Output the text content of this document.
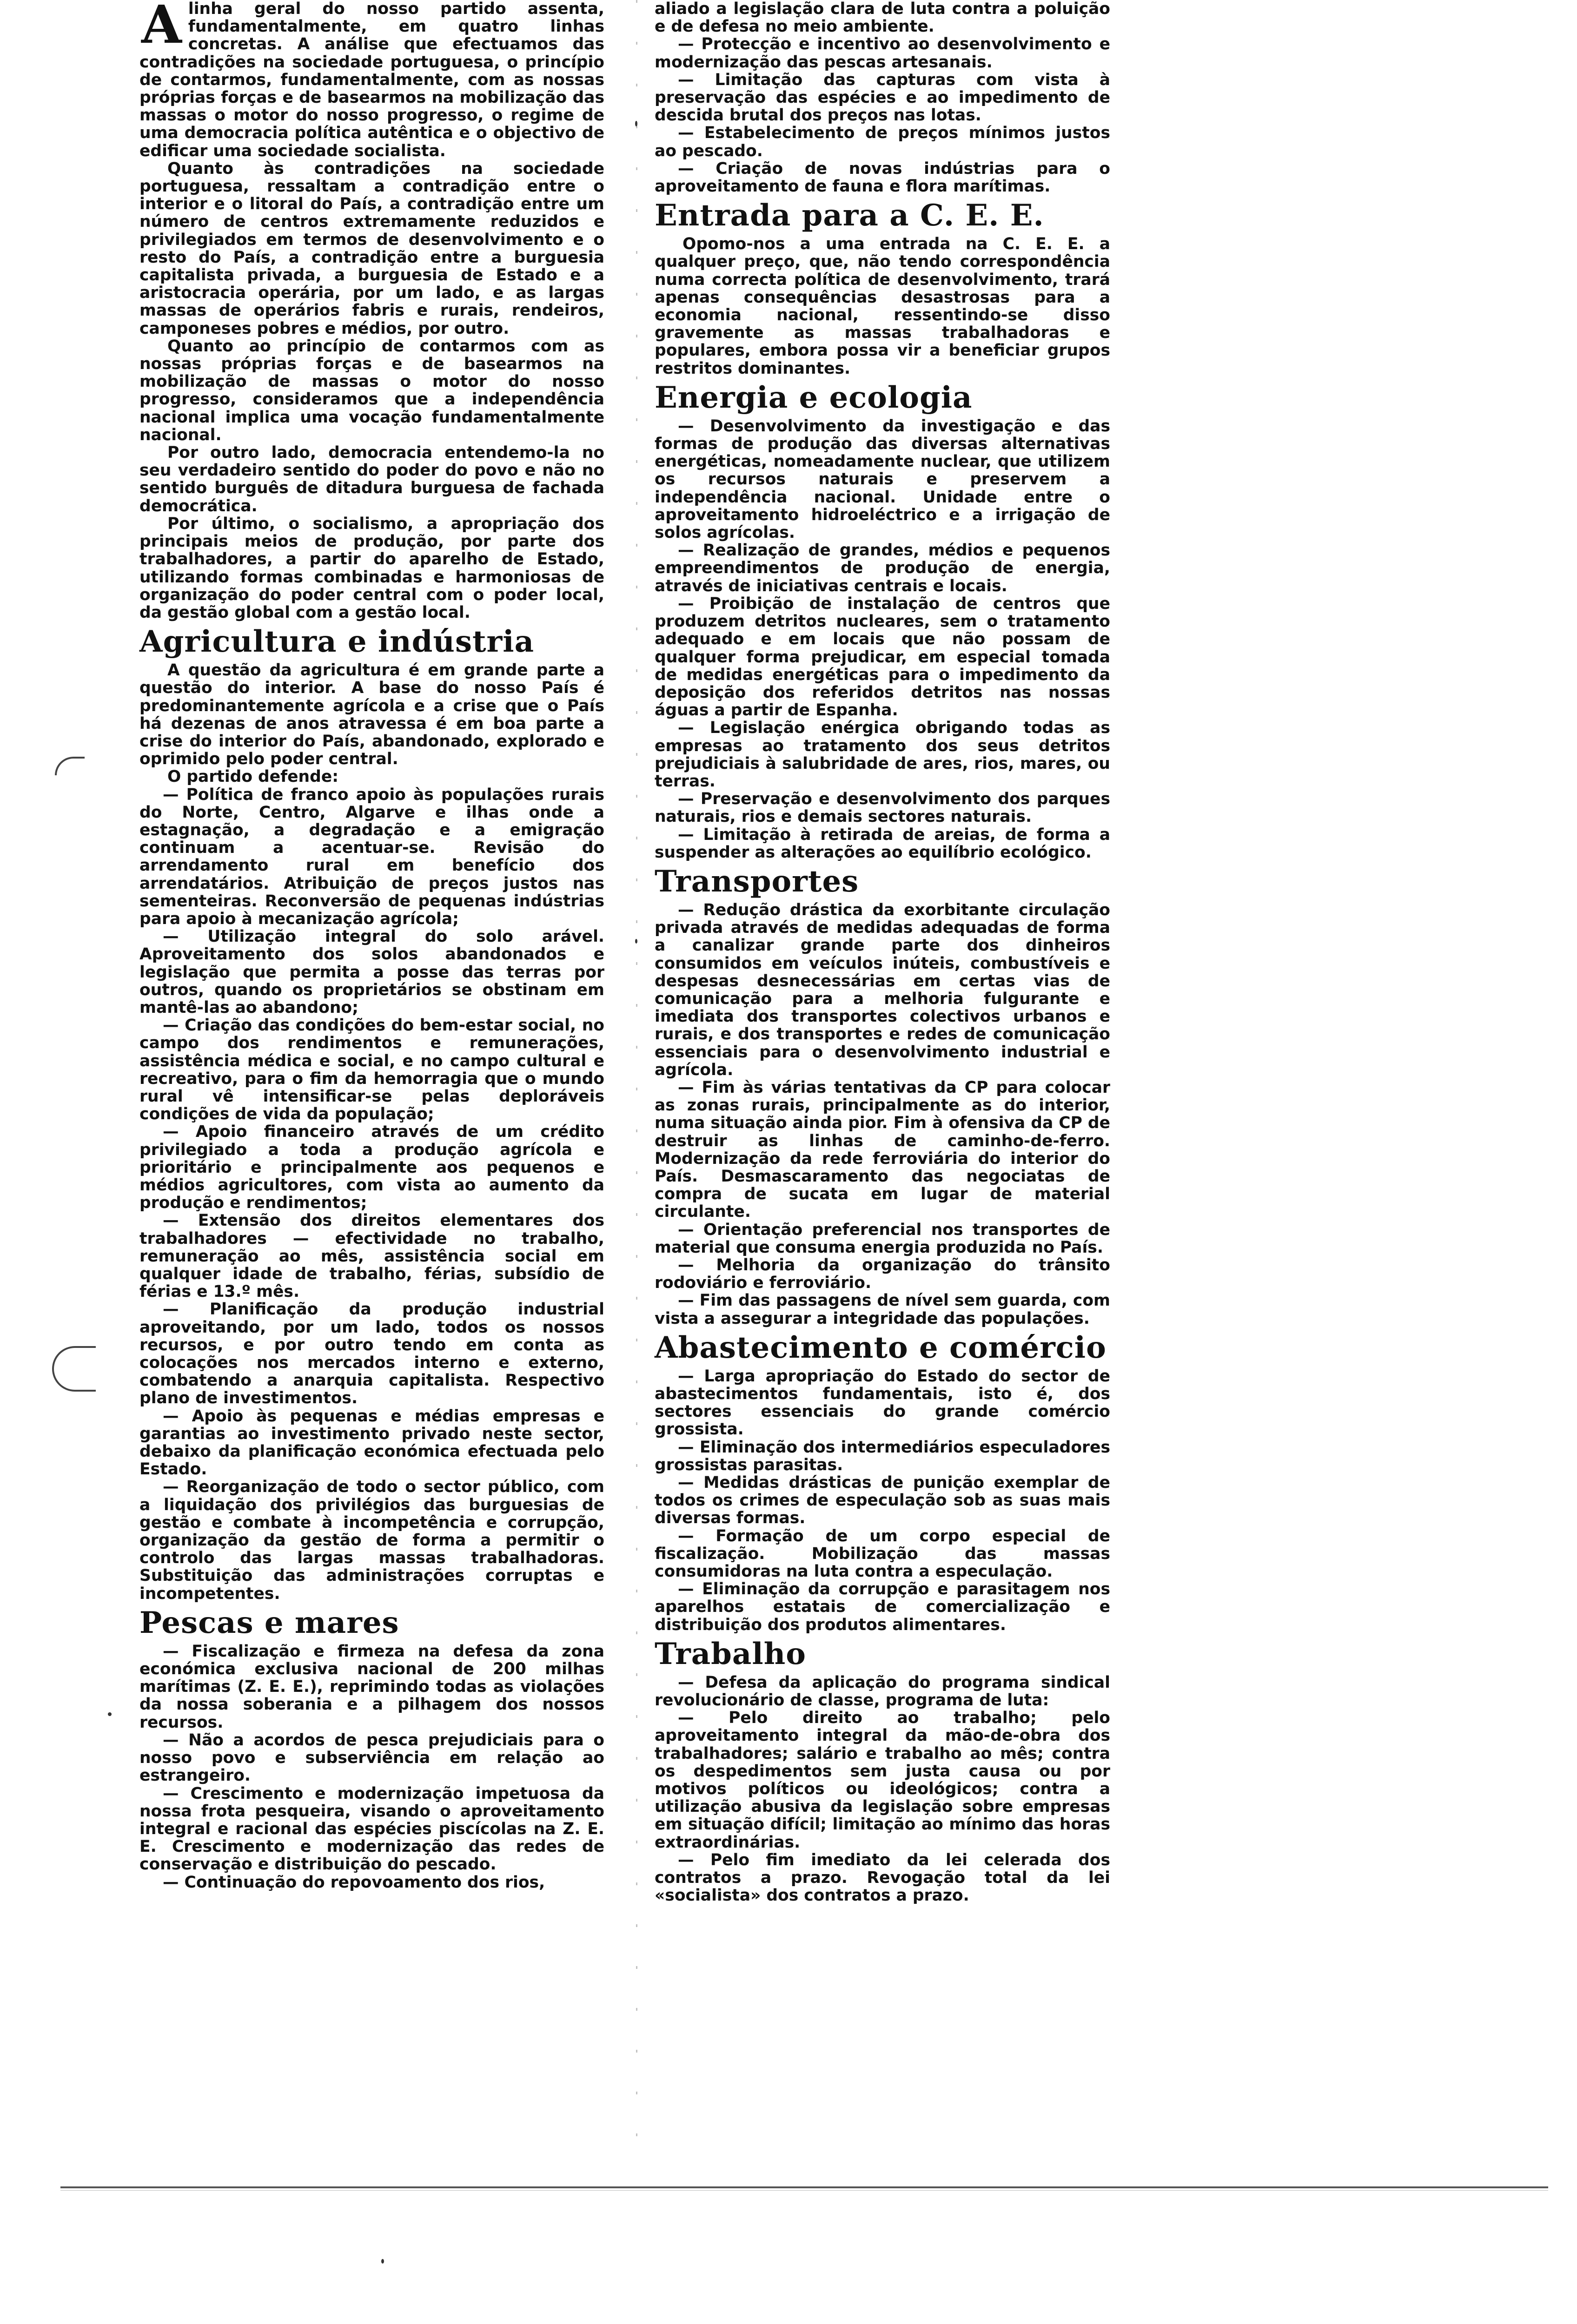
A linha geral do nosso partido assenta, fundamentalmente, em quatro linhas concretas. A análise que efectuamos das contradições na sociedade portuguesa, o princípio de contarmos, fundamentalmente, com as nossas próprias forças e de basearmos na mobilização das massas o motor do nosso progresso, o regime de uma democracia política autêntica e o objectivo de edificar uma sociedade socialista.

Quanto às contradições na sociedade portuguesa, ressaltam a contradição entre o interior e o litoral do País, a contradição entre um número de centros extremamente reduzidos e privilegiados em termos de desenvolvimento e o resto do País, a contradição entre a burguesia capitalista privada, a burguesia de Estado e a aristocracia operária, por um lado, e as largas massas de operários fabris e rurais, rendeiros, camponeses pobres e médios, por outro.

Quanto ao princípio de contarmos com as nossas próprias forças e de basearmos na mobilização de massas o motor do nosso progresso, consideramos que a independência nacional implica uma vocação fundamentalmente nacional.

Por outro lado, democracia entendemo-la no seu verdadeiro sentido do poder do povo e não no sentido burguês de ditadura burguesa de fachada democrática.

Por último, o socialismo, a apropriação dos principais meios de produção, por parte dos trabalhadores, a partir do aparelho de Estado, utilizando formas combinadas e harmoniosas de organização do poder central com o poder local, da gestão global com a gestão local.

Agricultura e indústria

A questão da agricultura é em grande parte a questão do interior. A base do nosso País é predominantemente agrícola e a crise que o País há dezenas de anos atravessa é em boa parte a crise do interior do País, abandonado, explorado e oprimido pelo poder central.

O partido defende:

— Política de franco apoio às populações rurais do Norte, Centro, Algarve e ilhas onde a estagnação, a degradação e a emigração continuam a acentuar-se. Revisão do arrendamento rural em benefício dos arrendatários. Atribuição de preços justos nas sementeiras. Reconversão de pequenas indústrias para apoio à mecanização agrícola;

— Utilização integral do solo arável. Aproveitamento dos solos abandonados e legislação que permita a posse das terras por outros, quando os proprietários se obstinam em mantê-las ao abandono;

— Criação das condições do bem-estar social, no campo dos rendimentos e remunerações, assistência médica e social, e no campo cultural e recreativo, para o fim da hemorragia que o mundo rural vê intensificar-se pelas deploráveis condições de vida da população;

— Apoio financeiro através de um crédito privilegiado a toda a produção agrícola e prioritário e principalmente aos pequenos e médios agricultores, com vista ao aumento da produção e rendimentos;

— Extensão dos direitos elementares dos trabalhadores — efectividade no trabalho, remuneração ao mês, assistência social em qualquer idade de trabalho, férias, subsídio de férias e 13.º mês.

— Planificação da produção industrial aproveitando, por um lado, todos os nossos recursos, e por outro tendo em conta as colocações nos mercados interno e externo, combatendo a anarquia capitalista. Respectivo plano de investimentos.

— Apoio às pequenas e médias empresas e garantias ao investimento privado neste sector, debaixo da planificação económica efectuada pelo Estado.

— Reorganização de todo o sector público, com a liquidação dos privilégios das burguesias de gestão e combate à incompetência e corrupção, organização da gestão de forma a permitir o controlo das largas massas trabalhadoras. Substituição das administrações corruptas e incompetentes.

Pescas e mares

— Fiscalização e firmeza na defesa da zona económica exclusiva nacional de 200 milhas marítimas (Z. E. E.), reprimindo todas as violações da nossa soberania e a pilhagem dos nossos recursos.

— Não a acordos de pesca prejudiciais para o nosso povo e subserviência em relação ao estrangeiro.

— Crescimento e modernização impetuosa da nossa frota pesqueira, visando o aproveitamento integral e racional das espécies piscícolas na Z. E. E. Crescimento e modernização das redes de conservação e distribuição do pescado.

— Continuação do repovoamento dos rios,

aliado a legislação clara de luta contra a poluição e de defesa no meio ambiente.

— Protecção e incentivo ao desenvolvimento e modernização das pescas artesanais.

— Limitação das capturas com vista à preservação das espécies e ao impedimento de descida brutal dos preços nas lotas.

— Estabelecimento de preços mínimos justos ao pescado.

— Criação de novas indústrias para o aproveitamento de fauna e flora marítimas.

Entrada para a C. E. E.

Opomo-nos a uma entrada na C. E. E. a qualquer preço, que, não tendo correspondência numa correcta política de desenvolvimento, trará apenas consequências desastrosas para a economia nacional, ressentindo-se disso gravemente as massas trabalhadoras e populares, embora possa vir a beneficiar grupos restritos dominantes.

Energia e ecologia

— Desenvolvimento da investigação e das formas de produção das diversas alternativas energéticas, nomeadamente nuclear, que utilizem os recursos naturais e preservem a independência nacional. Unidade entre o aproveitamento hidroeléctrico e a irrigação de solos agrícolas.

— Realização de grandes, médios e pequenos empreendimentos de produção de energia, através de iniciativas centrais e locais.

— Proibição de instalação de centros que produzem detritos nucleares, sem o tratamento adequado e em locais que não possam de qualquer forma prejudicar, em especial tomada de medidas energéticas para o impedimento da deposição dos referidos detritos nas nossas águas a partir de Espanha.

— Legislação enérgica obrigando todas as empresas ao tratamento dos seus detritos prejudiciais à salubridade de ares, rios, mares, ou terras.

— Preservação e desenvolvimento dos parques naturais, rios e demais sectores naturais.

— Limitação à retirada de areias, de forma a suspender as alterações ao equilíbrio ecológico.

Transportes

— Redução drástica da exorbitante circulação privada através de medidas adequadas de forma a canalizar grande parte dos dinheiros consumidos em veículos inúteis, combustíveis e despesas desnecessárias em certas vias de comunicação para a melhoria fulgurante e imediata dos transportes colectivos urbanos e rurais, e dos transportes e redes de comunicação essenciais para o desenvolvimento industrial e agrícola.

— Fim às várias tentativas da CP para colocar as zonas rurais, principalmente as do interior, numa situação ainda pior. Fim à ofensiva da CP de destruir as linhas de caminho-de-ferro. Modernização da rede ferroviária do interior do País. Desmascaramento das negociatas de compra de sucata em lugar de material circulante.

— Orientação preferencial nos transportes de material que consuma energia produzida no País.

— Melhoria da organização do trânsito rodoviário e ferroviário.

— Fim das passagens de nível sem guarda, com vista a assegurar a integridade das populações.

Abastecimento e comércio

— Larga apropriação do Estado do sector de abastecimentos fundamentais, isto é, dos sectores essenciais do grande comércio grossista.

— Eliminação dos intermediários especuladores grossistas parasitas.

— Medidas drásticas de punição exemplar de todos os crimes de especulação sob as suas mais diversas formas.

— Formação de um corpo especial de fiscalização. Mobilização das massas consumidoras na luta contra a especulação.

— Eliminação da corrupção e parasitagem nos aparelhos estatais de comercialização e distribuição dos produtos alimentares.

Trabalho

— Defesa da aplicação do programa sindical revolucionário de classe, programa de luta:

— Pelo direito ao trabalho; pelo aproveitamento integral da mão-de-obra dos trabalhadores; salário e trabalho ao mês; contra os despedimentos sem justa causa ou por motivos políticos ou ideológicos; contra a utilização abusiva da legislação sobre empresas em situação difícil; limitação ao mínimo das horas extraordinárias.

— Pelo fim imediato da lei celerada dos contratos a prazo. Revogação total da lei «socialista» dos contratos a prazo.
